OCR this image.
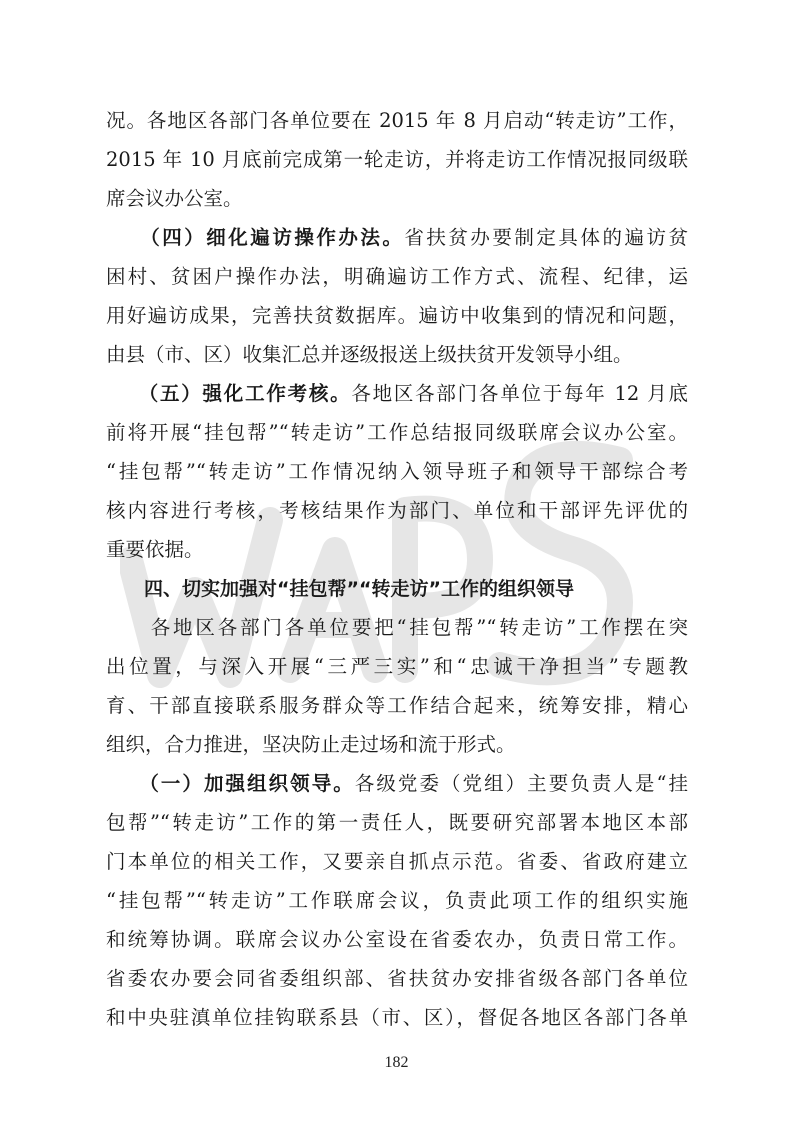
况。各地区各部门各单位要在 2015 年 8 月启动“转走访”工作，
2015 年 10 月底前完成第一轮走访，并将走访工作情况报同级联
席会议办公室。
　　（四）细化遍访操作办法。省扶贫办要制定具体的遍访贫
困村、贫困户操作办法，明确遍访工作方式、流程、纪律，运
用好遍访成果，完善扶贫数据库。遍访中收集到的情况和问题，
由县（市、区）收集汇总并逐级报送上级扶贫开发领导小组。
　　（五）强化工作考核。各地区各部门各单位于每年 12 月底
前将开展“挂包帮”“转走访”工作总结报同级联席会议办公室。
“挂包帮”“转走访”工作情况纳入领导班子和领导干部综合考
核内容进行考核，考核结果作为部门、单位和干部评先评优的
重要依据。
　　四、切实加强对“挂包帮”“转走访”工作的组织领导
　　各地区各部门各单位要把“挂包帮”“转走访”工作摆在突
出位置，与深入开展“三严三实”和“忠诚干净担当”专题教
育、干部直接联系服务群众等工作结合起来，统筹安排，精心
组织，合力推进，坚决防止走过场和流于形式。
　　（一）加强组织领导。各级党委（党组）主要负责人是“挂
包帮”“转走访”工作的第一责任人，既要研究部署本地区本部
门本单位的相关工作，又要亲自抓点示范。省委、省政府建立
“挂包帮”“转走访”工作联席会议，负责此项工作的组织实施
和统筹协调。联席会议办公室设在省委农办，负责日常工作。
省委农办要会同省委组织部、省扶贫办安排省级各部门各单位
和中央驻滇单位挂钩联系县（市、区），督促各地区各部门各单
182
